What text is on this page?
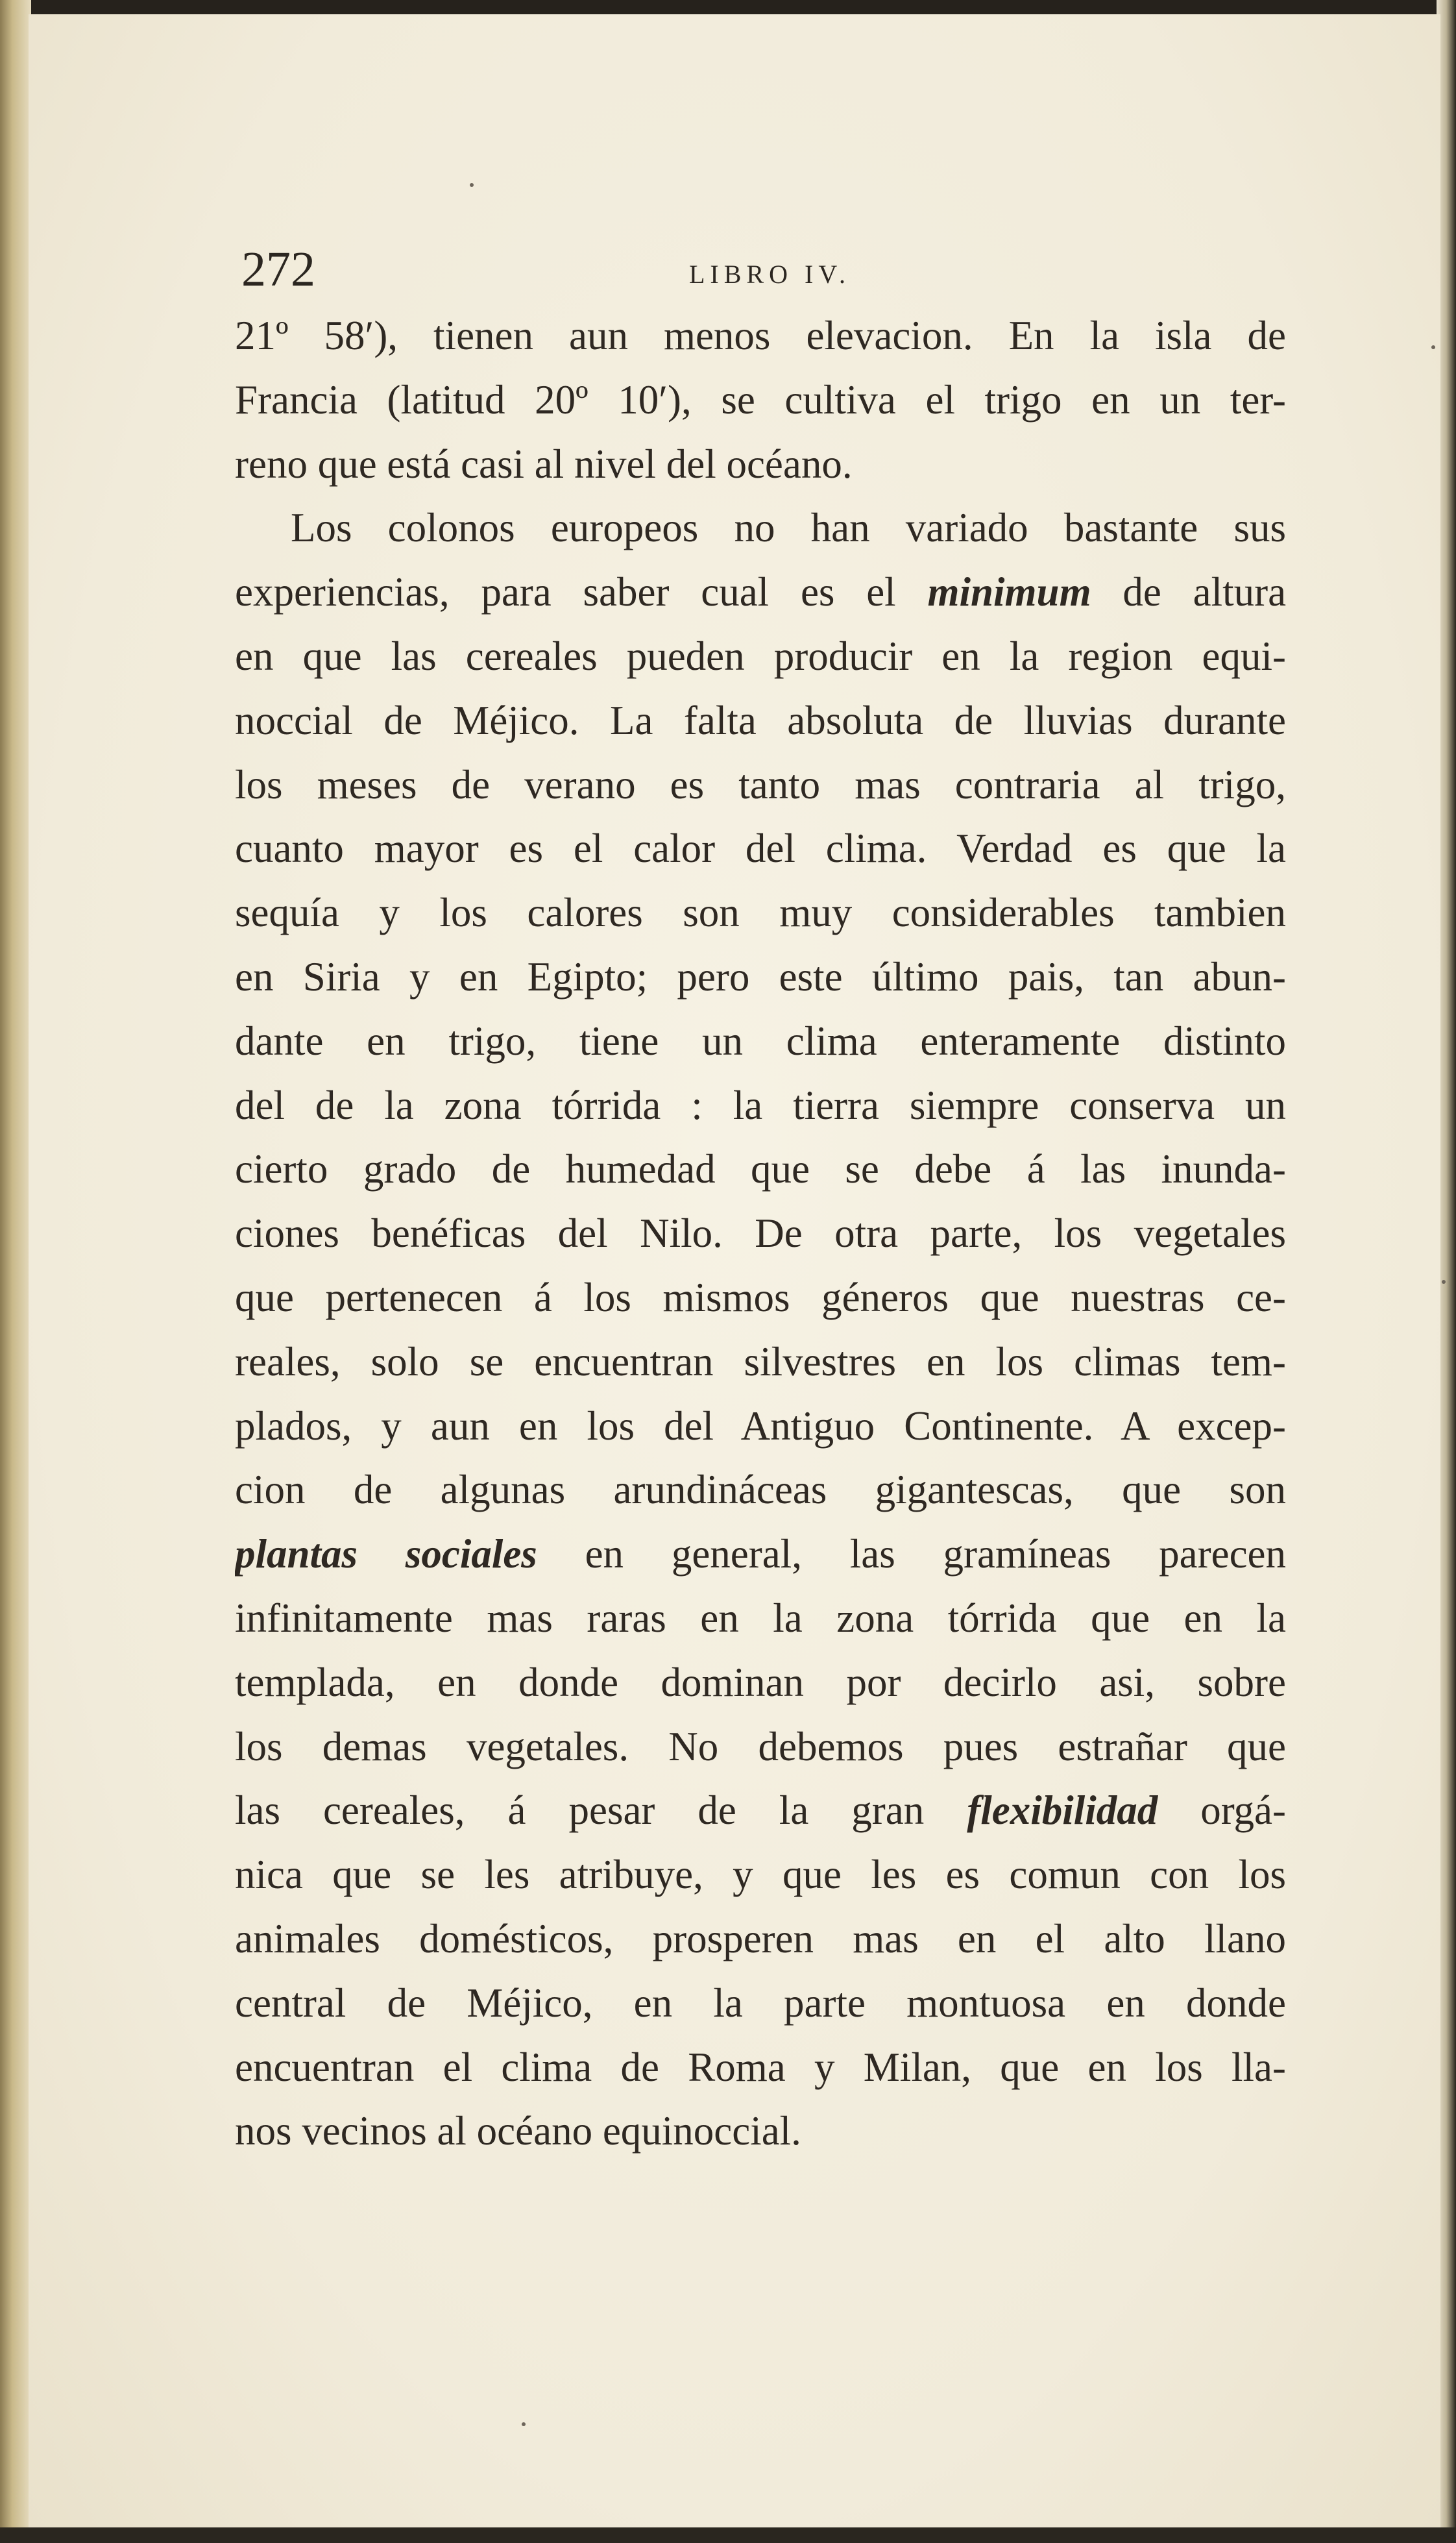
272	LIBRO IV.
21º 58′), tienen aun menos elevacion. En la isla de
Francia (latitud 20º 10′), se cultiva el trigo en un ter-
reno que está casi al nivel del océano.
Los colonos europeos no han variado bastante sus
experiencias, para saber cual es el minimum de altura
en que las cereales pueden producir en la region equi-
noccial de Méjico. La falta absoluta de lluvias durante
los meses de verano es tanto mas contraria al trigo,
cuanto mayor es el calor del clima. Verdad es que la
sequía y los calores son muy considerables tambien
en Siria y en Egipto; pero este último pais, tan abun-
dante en trigo, tiene un clima enteramente distinto
del de la zona tórrida : la tierra siempre conserva un
cierto grado de humedad que se debe á las inunda-
ciones benéficas del Nilo. De otra parte, los vegetales
que pertenecen á los mismos géneros que nuestras ce-
reales, solo se encuentran silvestres en los climas tem-
plados, y aun en los del Antiguo Continente. A excep-
cion de algunas arundináceas gigantescas, que son
plantas sociales en general, las gramíneas parecen
infinitamente mas raras en la zona tórrida que en la
templada, en donde dominan por decirlo asi, sobre
los demas vegetales. No debemos pues estrañar que
las cereales, á pesar de la gran flexibilidad orgá-
nica que se les atribuye, y que les es comun con los
animales domésticos, prosperen mas en el alto llano
central de Méjico, en la parte montuosa en donde
encuentran el clima de Roma y Milan, que en los lla-
nos vecinos al océano equinoccial.
